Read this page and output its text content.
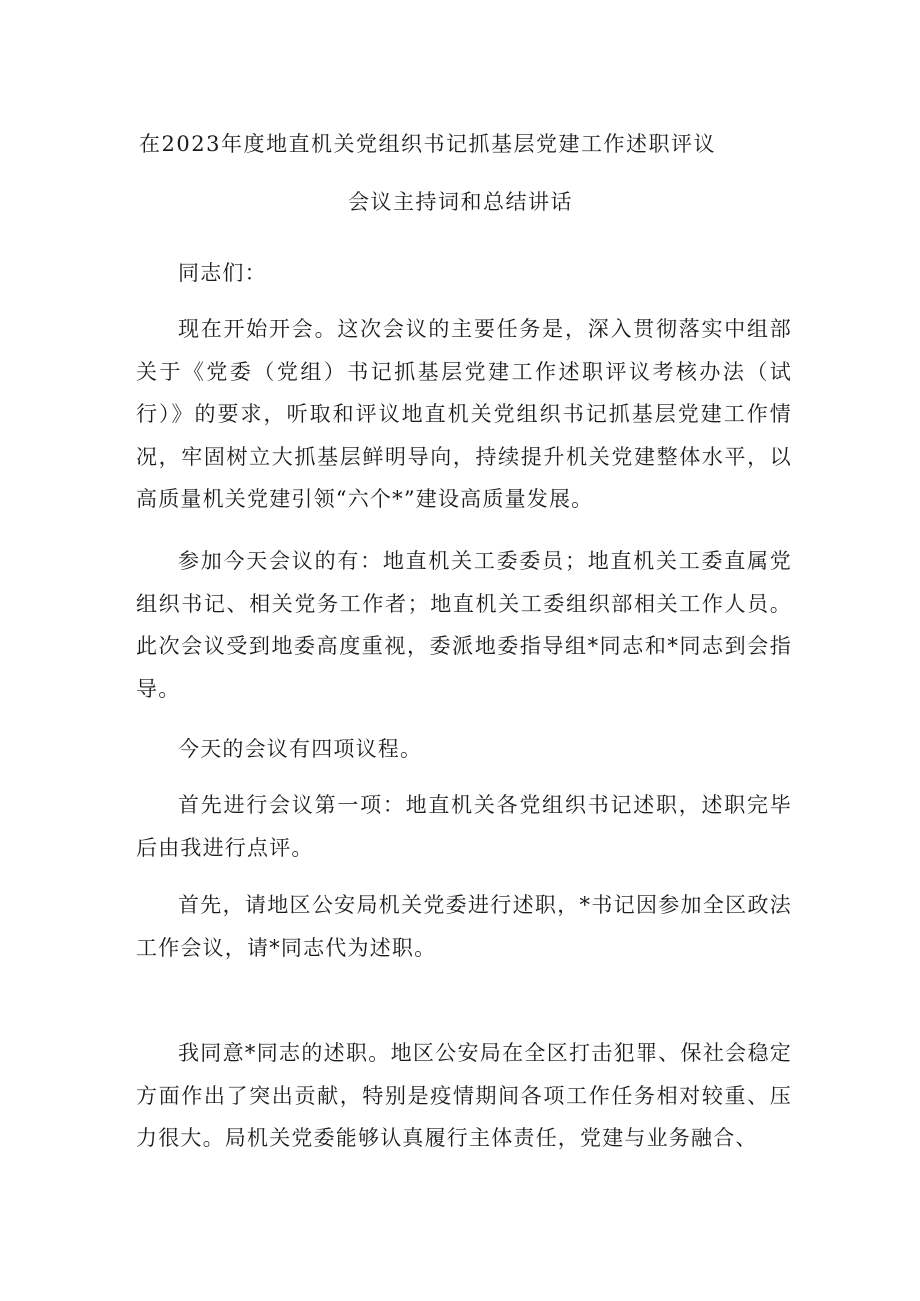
在2023年度地直机关党组织书记抓基层党建工作述职评议
会议主持词和总结讲话

同志们：

现在开始开会。这次会议的主要任务是，深入贯彻落实中组部关于《党委（党组）书记抓基层党建工作述职评议考核办法（试行）》的要求，听取和评议地直机关党组织书记抓基层党建工作情况，牢固树立大抓基层鲜明导向，持续提升机关党建整体水平，以高质量机关党建引领“六个*”建设高质量发展。

参加今天会议的有：地直机关工委委员；地直机关工委直属党组织书记、相关党务工作者；地直机关工委组织部相关工作人员。此次会议受到地委高度重视，委派地委指导组*同志和*同志到会指导。

今天的会议有四项议程。

首先进行会议第一项：地直机关各党组织书记述职，述职完毕后由我进行点评。

首先，请地区公安局机关党委进行述职，*书记因参加全区政法工作会议，请*同志代为述职。

我同意*同志的述职。地区公安局在全区打击犯罪、保社会稳定方面作出了突出贡献，特别是疫情期间各项工作任务相对较重、压力很大。局机关党委能够认真履行主体责任，党建与业务融合、
